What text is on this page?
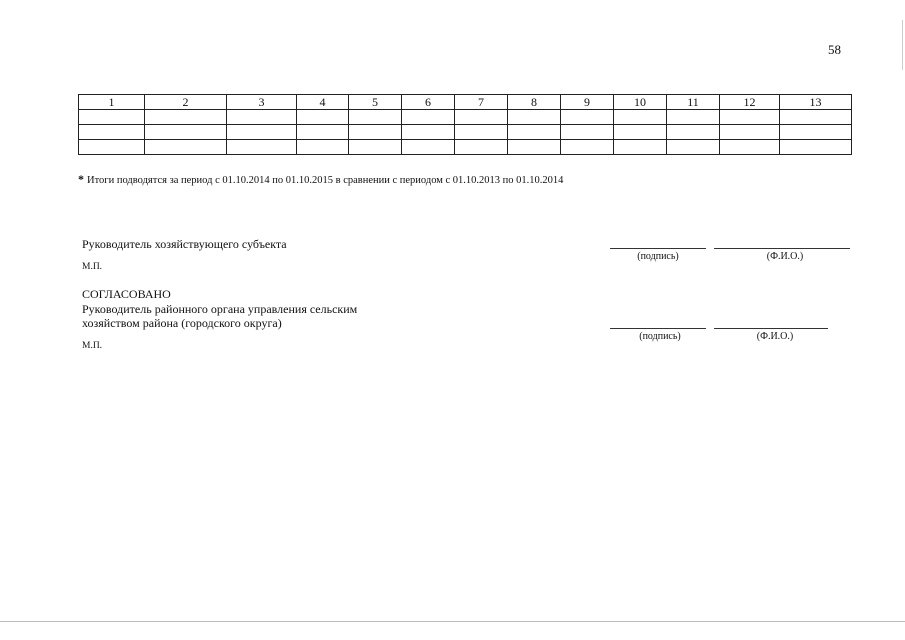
58
1	2	3	4	5	6	7	8	9	10	11	12	13

* Итоги подводятся за период с 01.10.2014 по 01.10.2015 в сравнении с периодом с 01.10.2013 по 01.10.2014
Руководитель хозяйствующего субъекта
М.П.
(подпись)	(Ф.И.О.)
СОГЛАСОВАНО
Руководитель районного органа управления сельским
хозяйством района (городского округа)
М.П.
(подпись)	(Ф.И.О.)
